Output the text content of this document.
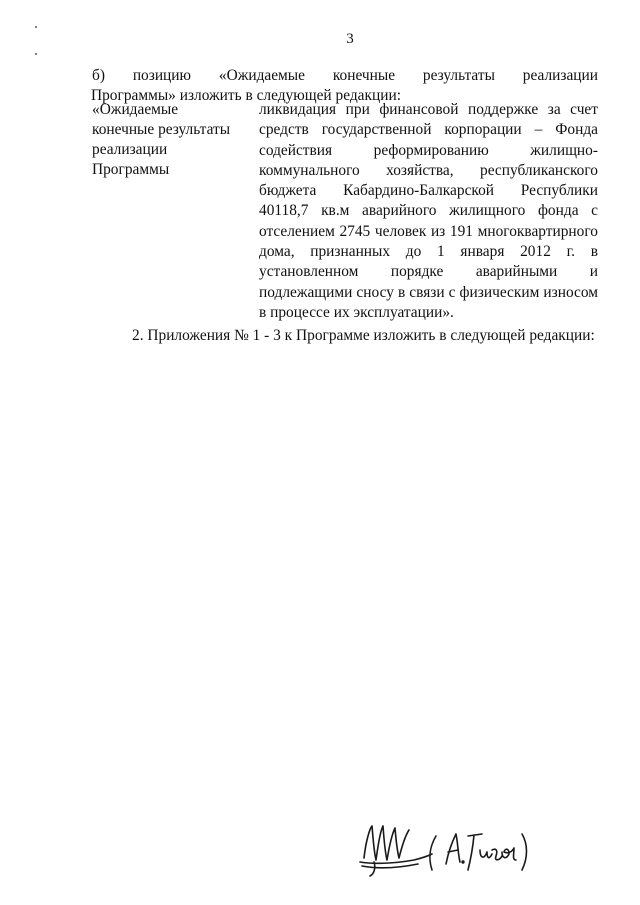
3
б) позицию «Ожидаемые конечные результаты реализации
Программы» изложить в следующей редакции:
«Ожидаемые
конечные результаты
реализации
Программы
ликвидация при финансовой поддержке за счет
средств государственной корпорации – Фонда
содействия реформированию жилищно-
коммунального хозяйства, республиканского
бюджета Кабардино-Балкарской Республики
40118,7 кв.м аварийного жилищного фонда с
отселением 2745 человек из 191 многоквартирного
дома, признанных до 1 января 2012 г. в
установленном порядке аварийными и
подлежащими сносу в связи с физическим износом
в процессе их эксплуатации».
2. Приложения № 1 - 3 к Программе изложить в следующей редакции:
